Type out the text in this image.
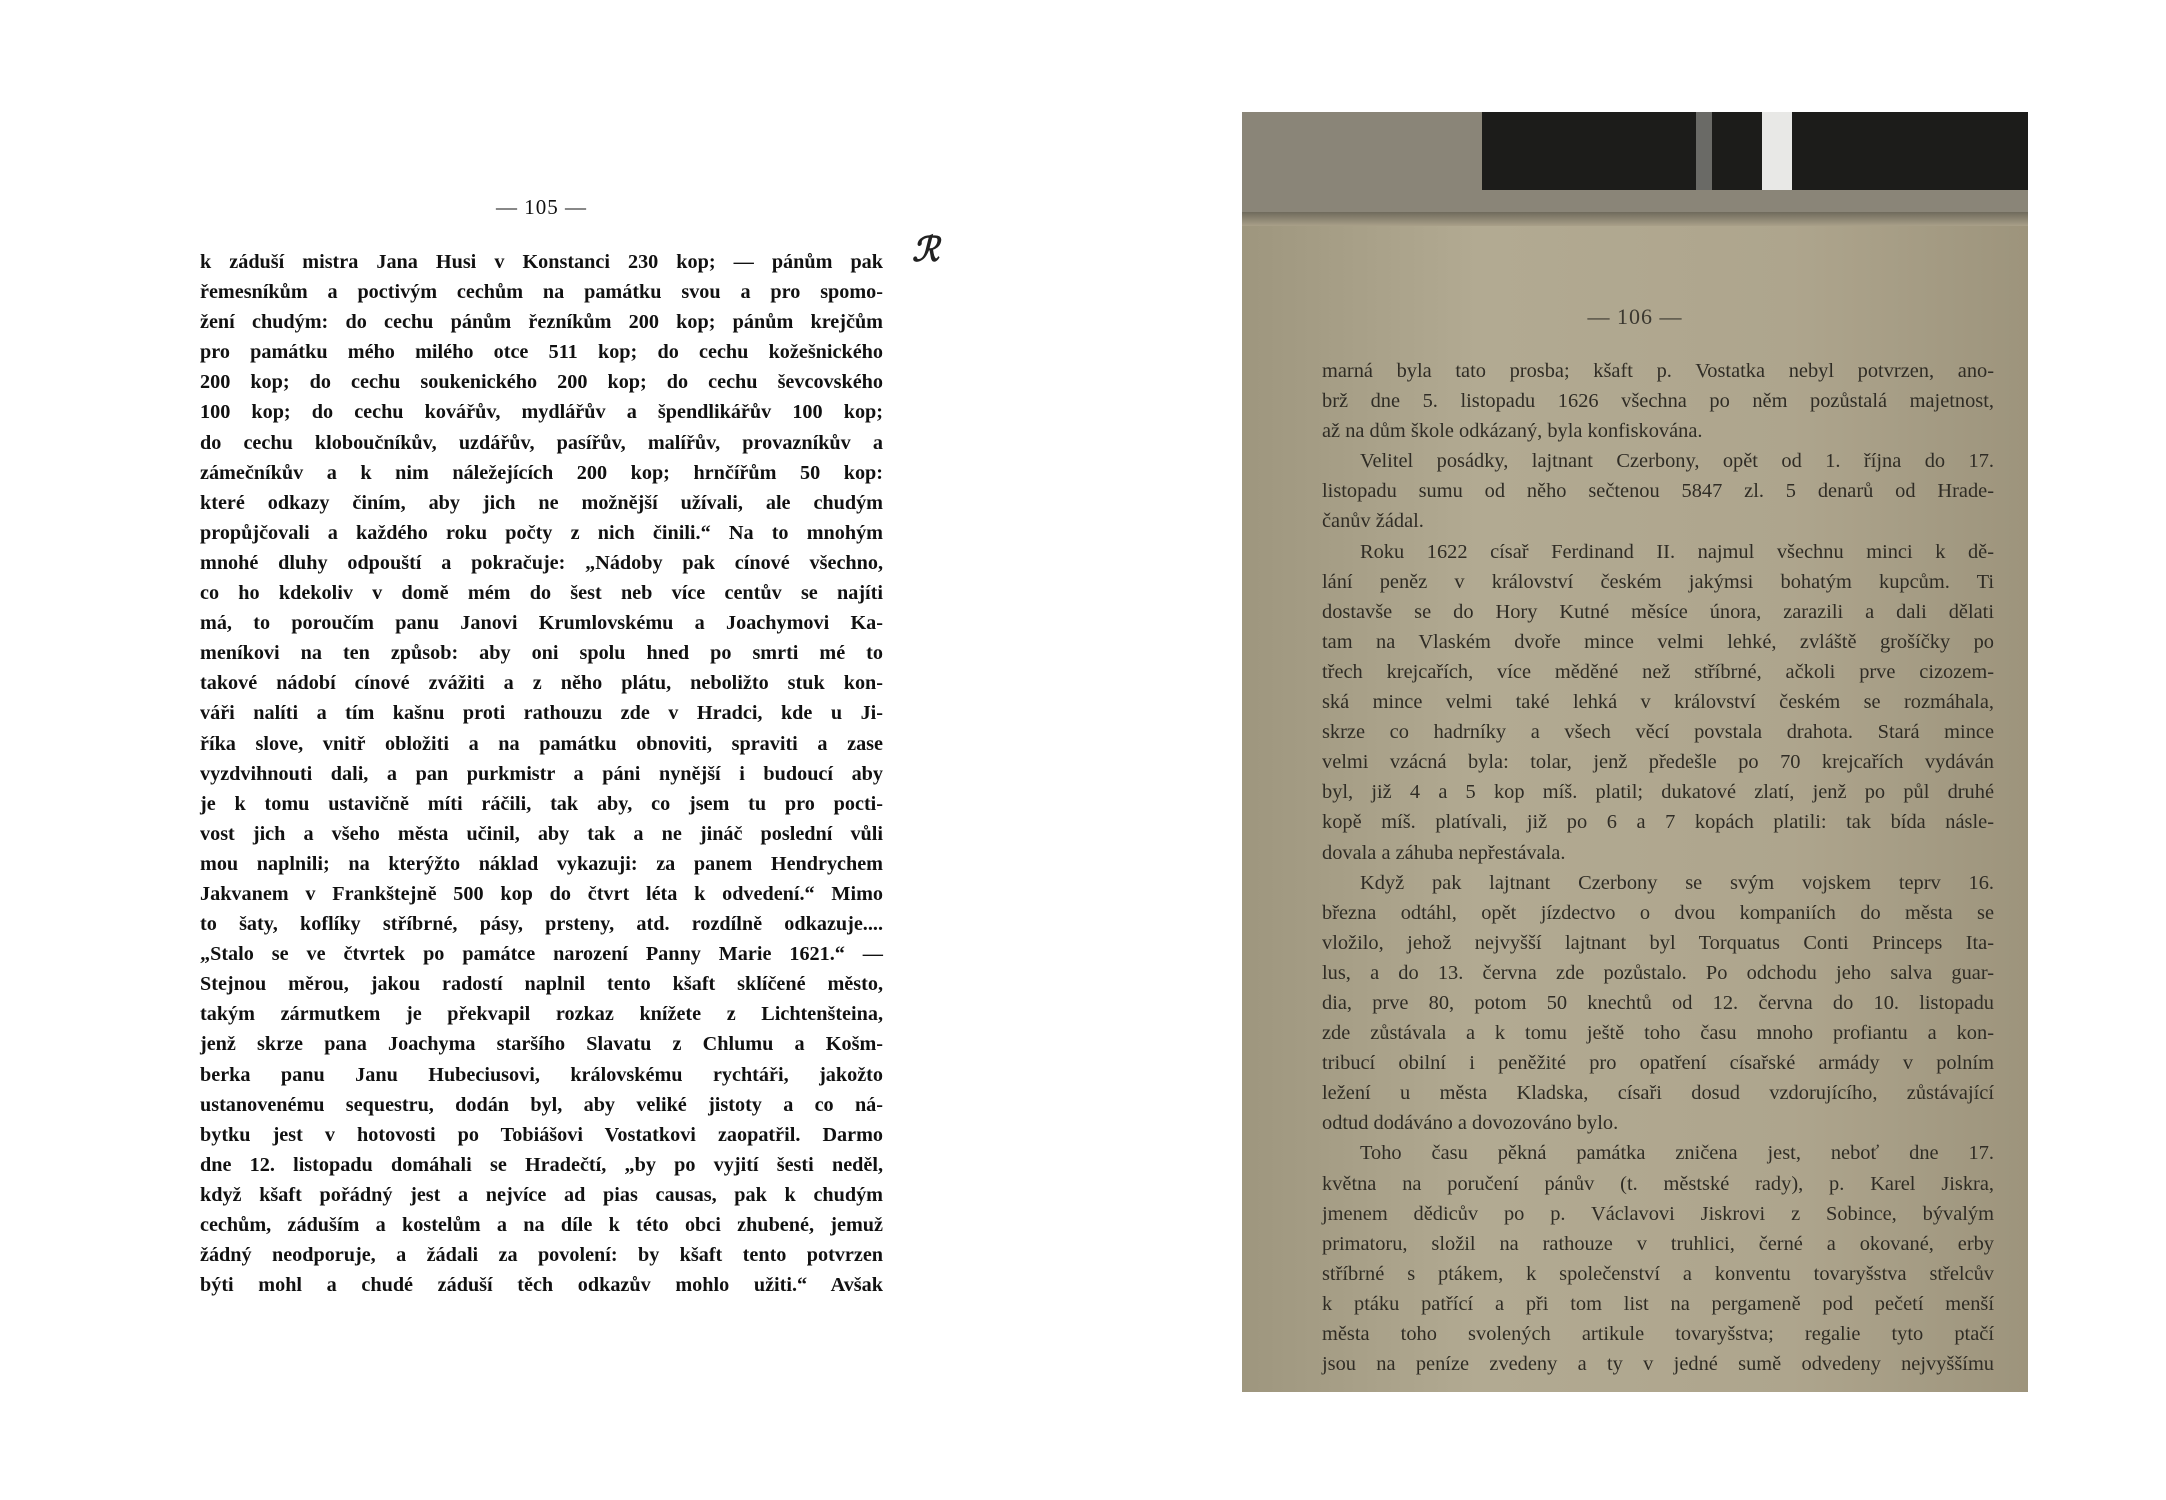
— 105 —
k záduší mistra Jana Husi v Konstanci 230 kop; — pánům pak
řemesníkům a poctivým cechům na památku svou a pro spomo-
žení chudým: do cechu pánům řezníkům 200 kop; pánům krejčům
pro památku mého milého otce 511 kop; do cechu kožešnického
200 kop; do cechu soukenického 200 kop; do cechu ševcovského
100 kop; do cechu kovářův, mydlářův a špendlikářův 100 kop;
do cechu kloboučníkův, uzdářův, pasířův, malířův, provazníkův a
zámečníkův a k nim náležejících 200 kop; hrnčířům 50 kop:
které odkazy činím, aby jich ne možnější užívali, ale chudým
propůjčovali a každého roku počty z nich činili.“ Na to mnohým
mnohé dluhy odpouští a pokračuje: „Nádoby pak cínové všechno,
co ho kdekoliv v domě mém do šest neb více centův se najíti
má, to poroučím panu Janovi Krumlovskému a Joachymovi Ka-
meníkovi na ten způsob: aby oni spolu hned po smrti mé to
takové nádobí cínové zvážiti a z něho plátu, neboližto stuk kon-
váři nalíti a tím kašnu proti rathouzu zde v Hradci, kde u Ji-
říka slove, vnitř obložiti a na památku obnoviti, spraviti a zase
vyzdvihnouti dali, a pan purkmistr a páni nynější i budoucí aby
je k tomu ustavičně míti ráčili, tak aby, co jsem tu pro pocti-
vost jich a všeho města učinil, aby tak a ne jináč poslední vůli
mou naplnili; na kterýžto náklad vykazuji: za panem Hendrychem
Jakvanem v Frankštejně 500 kop do čtvrt léta k odvedení.“ Mimo
to šaty, koflíky stříbrné, pásy, prsteny, atd. rozdílně odkazuje....
„Stalo se ve čtvrtek po památce narození Panny Marie 1621.“ —
Stejnou měrou, jakou radostí naplnil tento kšaft sklíčené město,
takým zármutkem je překvapil rozkaz knížete z Lichtenšteina,
jenž skrze pana Joachyma staršího Slavatu z Chlumu a Košm-
berka panu Janu Hubeciusovi, královskému rychtáři, jakožto
ustanovenému sequestru, dodán byl, aby veliké jistoty a co ná-
bytku jest v hotovosti po Tobiášovi Vostatkovi zaopatřil. Darmo
dne 12. listopadu domáhali se Hradečtí, „by po vyjití šesti neděl,
když kšaft pořádný jest a nejvíce ad pias causas, pak k chudým
cechům, záduším a kostelům a na díle k této obci zhubené, jemuž
žádný neodporuje, a žádali za povolení: by kšaft tento potvrzen
býti mohl a chudé záduší těch odkazův mohlo užiti.“ Avšak
ℛ
— 106 —
marná byla tato prosba; kšaft p. Vostatka nebyl potvrzen, ano-
brž dne 5. listopadu 1626 všechna po něm pozůstalá majetnost,
až na dům škole odkázaný, byla konfiskována.
Velitel posádky, lajtnant Czerbony, opět od 1. října do 17.
listopadu sumu od něho sečtenou 5847 zl. 5 denarů od Hrade-
čanův žádal.
Roku 1622 císař Ferdinand II. najmul všechnu minci k dě-
lání peněz v království českém jakýmsi bohatým kupcům. Ti
dostavše se do Hory Kutné měsíce února, zarazili a dali dělati
tam na Vlaském dvoře mince velmi lehké, zvláště grošíčky po
třech krejcařích, více měděné než stříbrné, ačkoli prve cizozem-
ská mince velmi také lehká v království českém se rozmáhala,
skrze co hadrníky a všech věcí povstala drahota. Stará mince
velmi vzácná byla: tolar, jenž předešle po 70 krejcařích vydáván
byl, již 4 a 5 kop míš. platil; dukatové zlatí, jenž po půl druhé
kopě míš. platívali, již po 6 a 7 kopách platili: tak bída násle-
dovala a záhuba nepřestávala.
Když pak lajtnant Czerbony se svým vojskem teprv 16.
března odtáhl, opět jízdectvo o dvou kompaniích do města se
vložilo, jehož nejvyšší lajtnant byl Torquatus Conti Princeps Ita-
lus, a do 13. června zde pozůstalo. Po odchodu jeho salva guar-
dia, prve 80, potom 50 knechtů od 12. června do 10. listopadu
zde zůstávala a k tomu ještě toho času mnoho profiantu a kon-
tribucí obilní i peněžité pro opatření císařské armády v polním
ležení u města Kladska, císaři dosud vzdorujícího, zůstávající
odtud dodáváno a dovozováno bylo.
Toho času pěkná památka zničena jest, neboť dne 17.
května na poručení pánův (t. městské rady), p. Karel Jiskra,
jmenem dědicův po p. Václavovi Jiskrovi z Sobince, bývalým
primatoru, složil na rathouze v truhlici, černé a okované, erby
stříbrné s ptákem, k společenství a konventu tovaryšstva střelcův
k ptáku patřící a při tom list na pergameně pod pečetí menší
města toho svolených artikule tovaryšstva; regalie tyto ptačí
jsou na peníze zvedeny a ty v jedné sumě odvedeny nejvyššímu
